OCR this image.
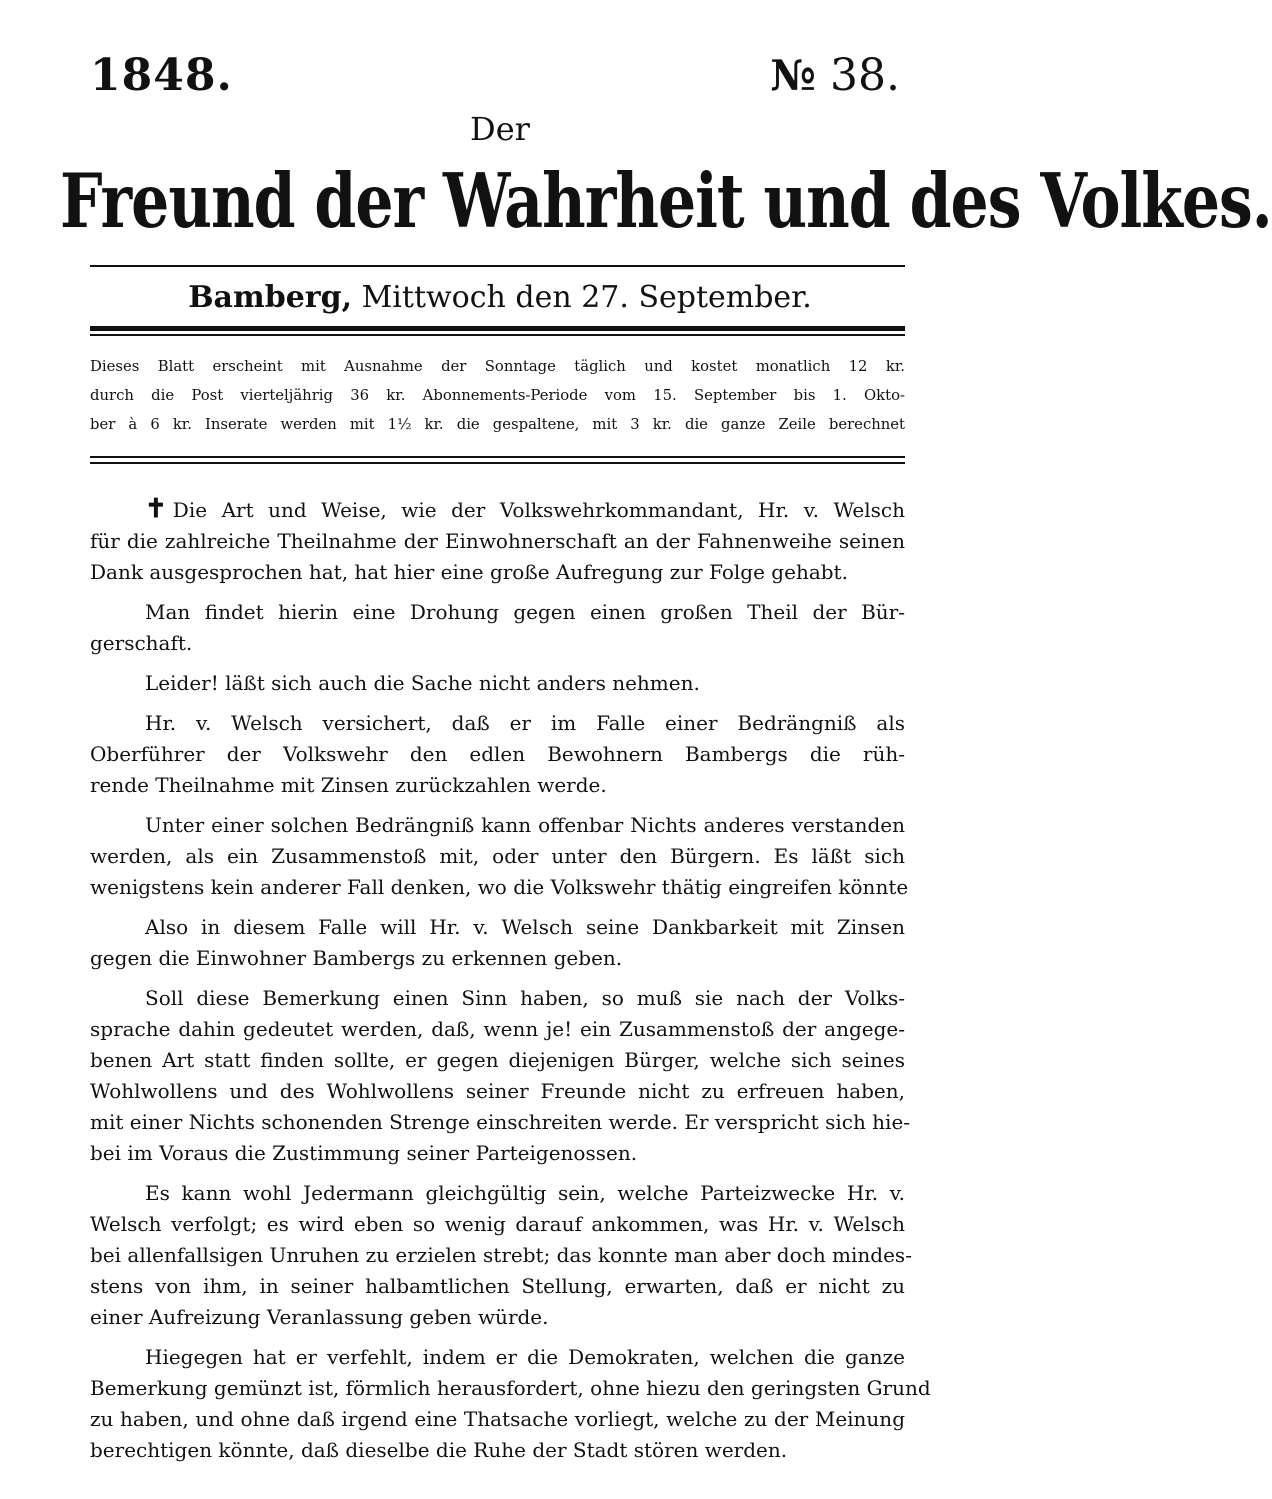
1848.	№ 38.
Der
Freund der Wahrheit und des Volkes.
Bamberg, Mittwoch den 27. September.
Dieses Blatt erscheint mit Ausnahme der Sonntage täglich und kostet monatlich 12 kr.
durch die Post vierteljährig 36 kr. Abonnements-Periode vom 15. September bis 1. Okto-
ber à 6 kr. Inserate werden mit 1½ kr. die gespaltene, mit 3 kr. die ganze Zeile berechnet
✝ Die Art und Weise, wie der Volkswehrkommandant, Hr. v. Welsch
für die zahlreiche Theilnahme der Einwohnerschaft an der Fahnenweihe seinen
Dank ausgesprochen hat, hat hier eine große Aufregung zur Folge gehabt.
Man findet hierin eine Drohung gegen einen großen Theil der Bür-
gerschaft.
Leider! läßt sich auch die Sache nicht anders nehmen.
Hr. v. Welsch versichert, daß er im Falle einer Bedrängniß als
Oberführer der Volkswehr den edlen Bewohnern Bambergs die rüh-
rende Theilnahme mit Zinsen zurückzahlen werde.
Unter einer solchen Bedrängniß kann offenbar Nichts anderes verstanden
werden, als ein Zusammenstoß mit, oder unter den Bürgern. Es läßt sich
wenigstens kein anderer Fall denken, wo die Volkswehr thätig eingreifen könnte
Also in diesem Falle will Hr. v. Welsch seine Dankbarkeit mit Zinsen
gegen die Einwohner Bambergs zu erkennen geben.
Soll diese Bemerkung einen Sinn haben, so muß sie nach der Volks-
sprache dahin gedeutet werden, daß, wenn je! ein Zusammenstoß der angege-
benen Art statt finden sollte, er gegen diejenigen Bürger, welche sich seines
Wohlwollens und des Wohlwollens seiner Freunde nicht zu erfreuen haben,
mit einer Nichts schonenden Strenge einschreiten werde. Er verspricht sich hie-
bei im Voraus die Zustimmung seiner Parteigenossen.
Es kann wohl Jedermann gleichgültig sein, welche Parteizwecke Hr. v.
Welsch verfolgt; es wird eben so wenig darauf ankommen, was Hr. v. Welsch
bei allenfallsigen Unruhen zu erzielen strebt; das konnte man aber doch mindes-
stens von ihm, in seiner halbamtlichen Stellung, erwarten, daß er nicht zu
einer Aufreizung Veranlassung geben würde.
Hiegegen hat er verfehlt, indem er die Demokraten, welchen die ganze
Bemerkung gemünzt ist, förmlich herausfordert, ohne hiezu den geringsten Grund
zu haben, und ohne daß irgend eine Thatsache vorliegt, welche zu der Meinung
berechtigen könnte, daß dieselbe die Ruhe der Stadt stören werden.
